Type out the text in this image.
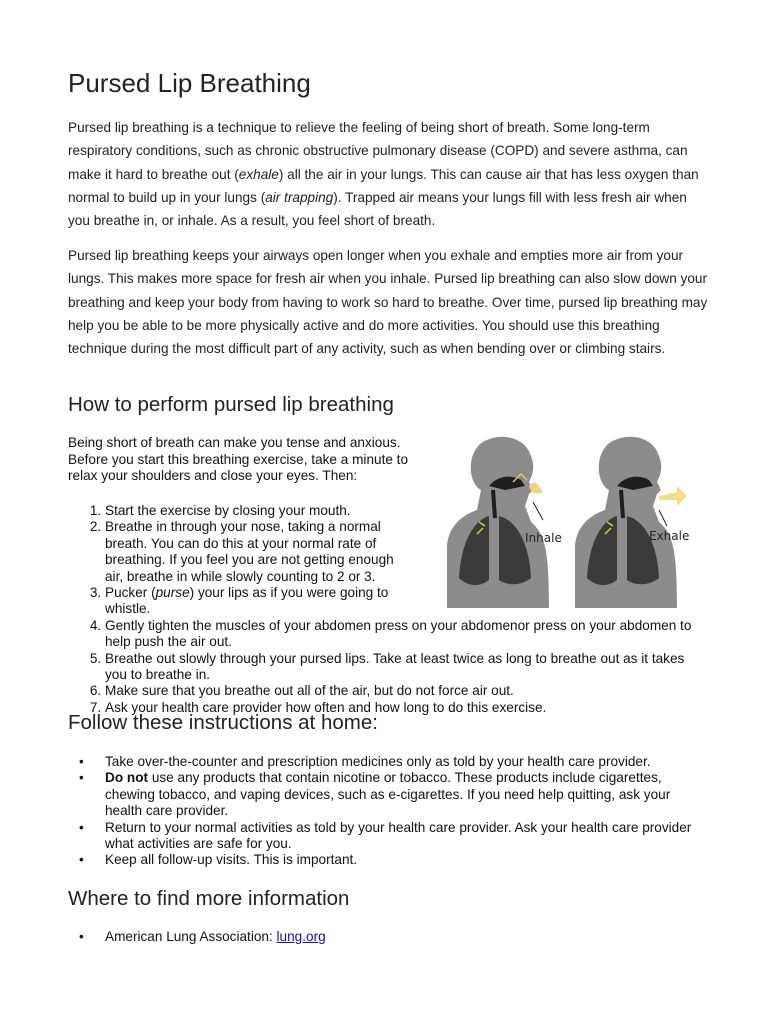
Pursed Lip Breathing

Pursed lip breathing is a technique to relieve the feeling of being short of breath. Some long-term respiratory conditions, such as chronic obstructive pulmonary disease (COPD) and severe asthma, can make it hard to breathe out (exhale) all the air in your lungs. This can cause air that has less oxygen than normal to build up in your lungs (air trapping). Trapped air means your lungs fill with less fresh air when you breathe in, or inhale. As a result, you feel short of breath.

Pursed lip breathing keeps your airways open longer when you exhale and empties more air from your lungs. This makes more space for fresh air when you inhale. Pursed lip breathing can also slow down your breathing and keep your body from having to work so hard to breathe. Over time, pursed lip breathing may help you be able to be more physically active and do more activities. You should use this breathing technique during the most difficult part of any activity, such as when bending over or climbing stairs.

How to perform pursed lip breathing

Being short of breath can make you tense and anxious. Before you start this breathing exercise, take a minute to relax your shoulders and close your eyes. Then:

1. Start the exercise by closing your mouth.
2. Breathe in through your nose, taking a normal breath. You can do this at your normal rate of breathing. If you feel you are not getting enough air, breathe in while slowly counting to 2 or 3.
3. Pucker (purse) your lips as if you were going to whistle.
4. Gently tighten the muscles of your abdomen press on your abdomenor press on your abdomen to help push the air out.
5. Breathe out slowly through your pursed lips. Take at least twice as long to breathe out as it takes you to breathe in.
6. Make sure that you breathe out all of the air, but do not force air out.
7. Ask your health care provider how often and how long to do this exercise.
Follow these instructions at home:
• Take over-the-counter and prescription medicines only as told by your health care provider.
• Do not use any products that contain nicotine or tobacco. These products include cigarettes, chewing tobacco, and vaping devices, such as e-cigarettes. If you need help quitting, ask your health care provider.
• Return to your normal activities as told by your health care provider. Ask your health care provider what activities are safe for you.
• Keep all follow-up visits. This is important.
Where to find more information
• American Lung Association: lung.org
Inhale	Exhale
